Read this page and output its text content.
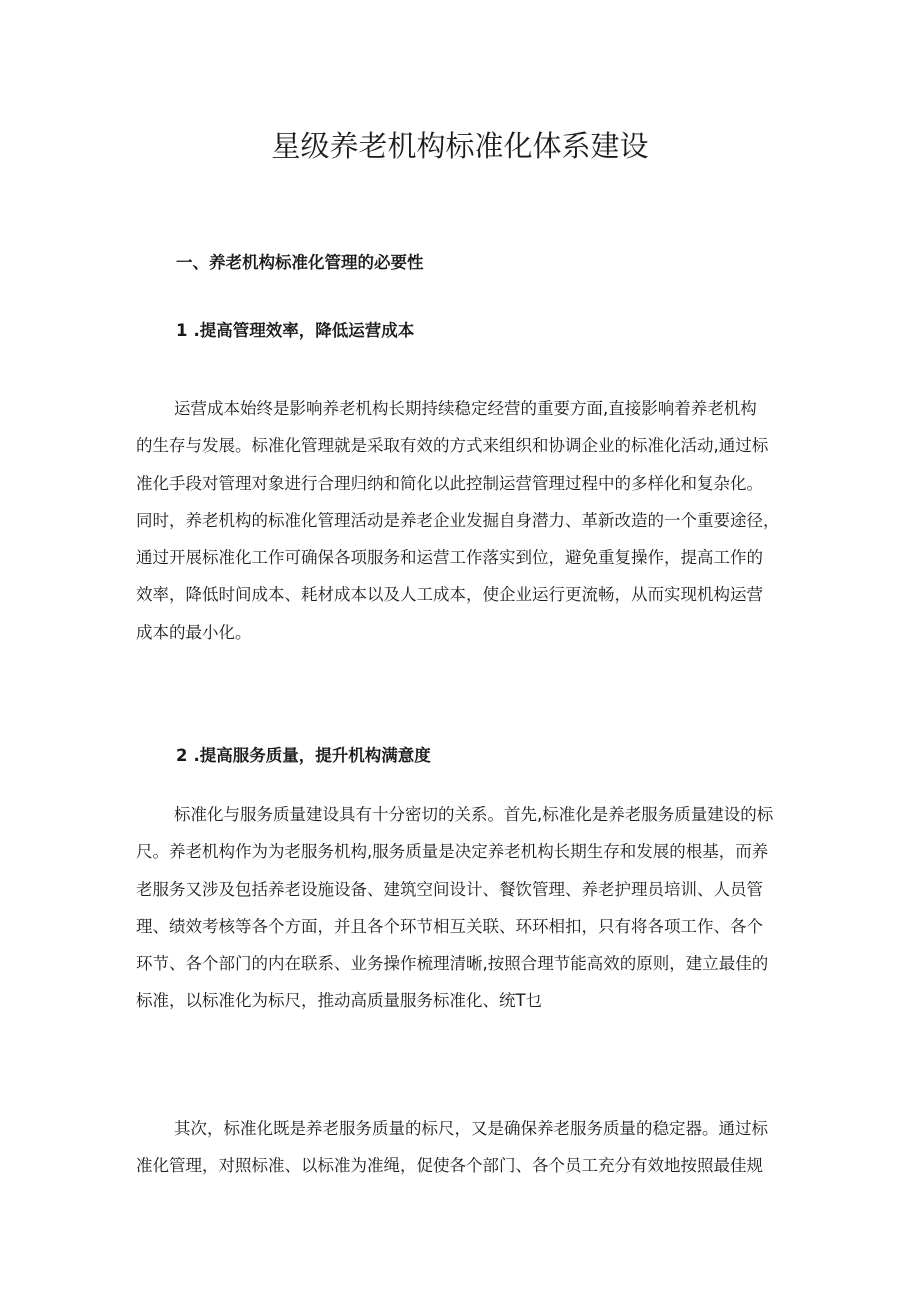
星级养老机构标准化体系建设
一、养老机构标准化管理的必要性
1 .提高管理效率，降低运营成本
运营成本始终是影响养老机构长期持续稳定经营的重要方面,直接影响着养老机构
的生存与发展。标准化管理就是采取有效的方式来组织和协调企业的标准化活动,通过标
准化手段对管理对象进行合理归纳和简化以此控制运营管理过程中的多样化和复杂化。
同时，养老机构的标准化管理活动是养老企业发掘自身潜力、革新改造的一个重要途径，
通过开展标准化工作可确保各项服务和运营工作落实到位，避免重复操作，提高工作的
效率，降低时间成本、耗材成本以及人工成本，使企业运行更流畅，从而实现机构运营
成本的最小化。
2 .提高服务质量，提升机构满意度
标准化与服务质量建设具有十分密切的关系。首先,标准化是养老服务质量建设的标
尺。养老机构作为为老服务机构,服务质量是决定养老机构长期生存和发展的根基，而养
老服务又涉及包括养老设施设备、建筑空间设计、餐饮管理、养老护理员培训、人员管
理、绩效考核等各个方面，并且各个环节相互关联、环环相扣，只有将各项工作、各个
环节、各个部门的内在联系、业务操作梳理清晰,按照合理节能高效的原则，建立最佳的
标准，以标准化为标尺，推动高质量服务标准化、统T乜
其次，标准化既是养老服务质量的标尺，又是确保养老服务质量的稳定器。通过标
准化管理，对照标准、以标准为准绳，促使各个部门、各个员工充分有效地按照最佳规
